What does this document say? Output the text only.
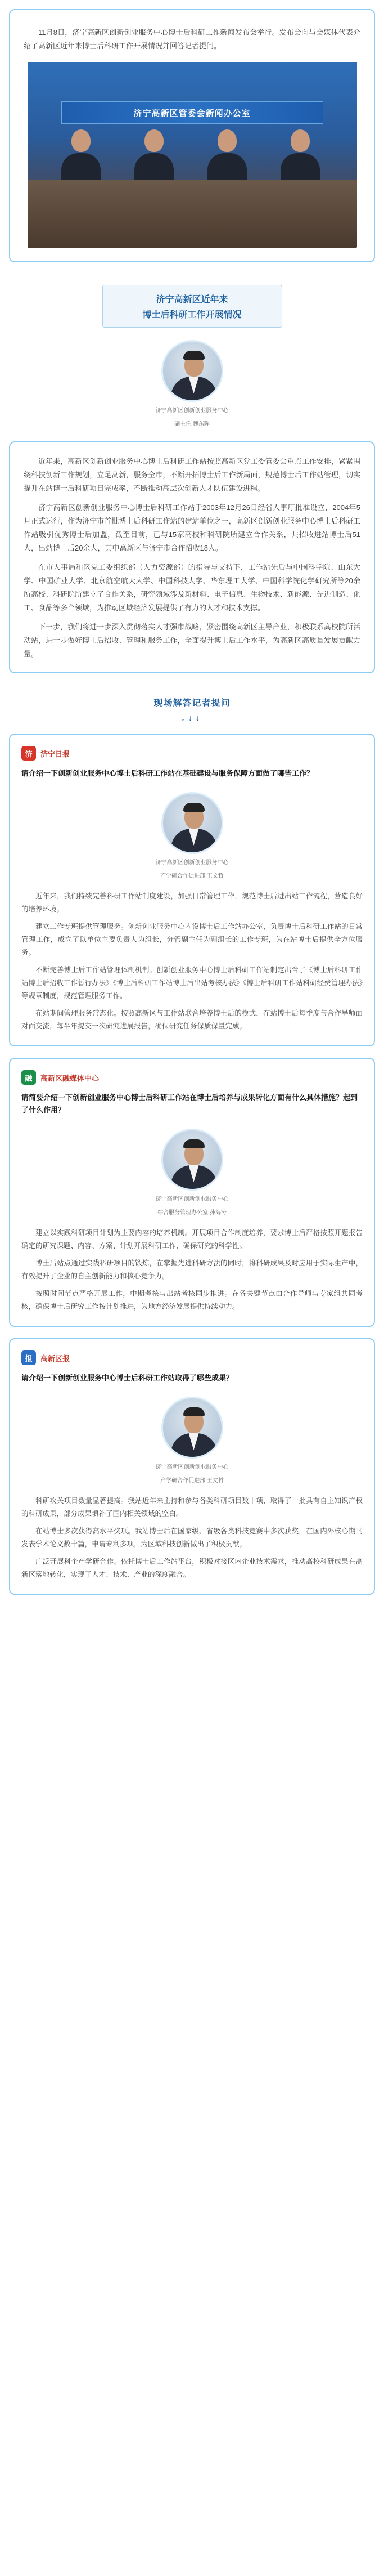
11月8日，济宁高新区创新创业服务中心博士后科研工作新闻发布会举行。发布会向与会媒体代表介绍了高新区近年来博士后科研工作开展情况并回答记者提问。

济宁高新区管委会新闻办公室
济宁高新区近年来
博士后科研工作开展情况
济宁高新区创新创业服务中心
副主任 魏东晖

近年来，高新区创新创业服务中心博士后科研工作站按照高新区党工委管委会重点工作安排，紧紧围绕科技创新工作规划，立足高新，服务全市，不断开拓博士后工作新局面，规范博士后工作站管理，切实提升在站博士后科研项目完成率，不断推动高层次创新人才队伍建设进程。

济宁高新区创新创业服务中心博士后科研工作站于2003年12月26日经省人事厅批准设立，2004年5月正式运行，作为济宁市首批博士后科研工作站的建站单位之一，高新区创新创业服务中心博士后科研工作站吸引优秀博士后加盟，截至目前，已与15家高校和科研院所建立合作关系，共招收进站博士后51人，出站博士后20余人，其中高新区与济宁市合作招收18人。

在市人事局和区党工委组织部（人力资源部）的指导与支持下，工作站先后与中国科学院、山东大学、中国矿业大学、北京航空航天大学、中国科技大学、华东理工大学、中国科学院化学研究所等20余所高校、科研院所建立了合作关系，研究领域涉及新材料、电子信息、生物技术、新能源、先进制造、化工、食品等多个领域，为推动区域经济发展提供了有力的人才和技术支撑。

下一步，我们将进一步深入贯彻落实人才强市战略，紧密围绕高新区主导产业，积极联系高校院所活动站，进一步做好博士后招收、管理和服务工作，全面提升博士后工作水平，为高新区高质量发展贡献力量。

现场解答记者提问
↓↓↓
济	济宁日报
请介绍一下创新创业服务中心博士后科研工作站在基础建设与服务保障方面做了哪些工作？
济宁高新区创新创业服务中心
产学研合作促进部 王文哲

近年来，我们持续完善科研工作站制度建设，加强日常管理工作，规范博士后进出站工作流程，营造良好的培养环境。

建立工作专班提供管理服务。创新创业服务中心内设博士后工作站办公室，负责博士后科研工作站的日常管理工作，成立了以单位主要负责人为组长，分管副主任为副组长的工作专班，为在站博士后提供全方位服务。

不断完善博士后工作站管理体制机制。创新创业服务中心博士后科研工作站制定出台了《博士后科研工作站博士后招收工作暂行办法》《博士后科研工作站博士后出站考核办法》《博士后科研工作站科研经费管理办法》等规章制度，规范管理服务工作。

在站期间管理服务常态化。按照高新区与工作站联合培养博士后的模式，在站博士后每季度与合作导师面对面交流，每半年提交一次研究进展报告，确保研究任务保质保量完成。

融	高新区融媒体中心
请简要介绍一下创新创业服务中心博士后科研工作站在博士后培养与成果转化方面有什么具体措施？起到了什么作用？
济宁高新区创新创业服务中心
综合服务管理办公室 孙海涛

建立以实践科研项目计划为主要内容的培养机制。开展项目合作制度培养，要求博士后严格按照开题报告确定的研究课题、内容、方案、计划开展科研工作，确保研究的科学性。

博士后站点通过实践科研项目的锻炼，在掌握先进科研方法的同时，将科研成果及时应用于实际生产中，有效提升了企业的自主创新能力和核心竞争力。

按照时间节点严格开展工作，中期考核与出站考核同步推进。在各关键节点由合作导师与专家组共同考核，确保博士后研究工作按计划推进，为地方经济发展提供持续动力。

报	高新区报
请介绍一下创新创业服务中心博士后科研工作站取得了哪些成果？
济宁高新区创新创业服务中心
产学研合作促进部 王文哲

科研攻关项目数量显著提高。我站近年来主持和参与各类科研项目数十项，取得了一批具有自主知识产权的科研成果，部分成果填补了国内相关领域的空白。

在站博士多次获得高水平奖项。我站博士后在国家级、省级各类科技竞赛中多次获奖，在国内外核心期刊发表学术论文数十篇，申请专利多项，为区域科技创新做出了积极贡献。

广泛开展科企产学研合作。依托博士后工作站平台，积极对接区内企业技术需求，推动高校科研成果在高新区落地转化，实现了人才、技术、产业的深度融合。
